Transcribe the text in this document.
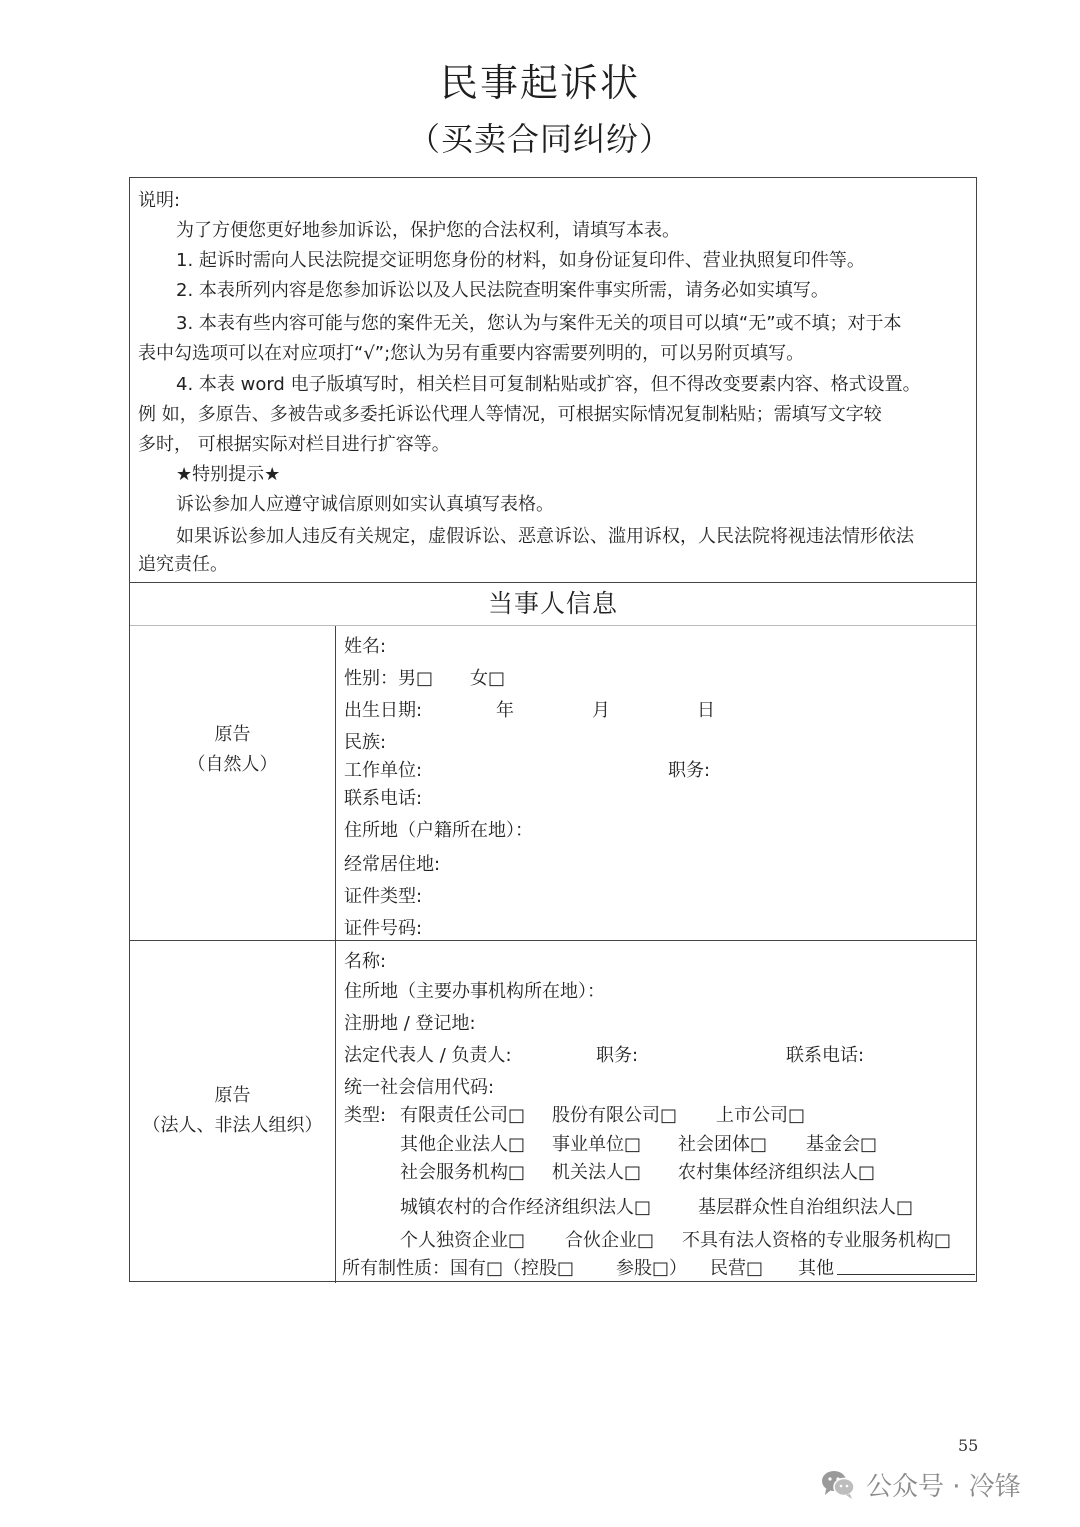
民事起诉状
（买卖合同纠纷）
说明:
为了方便您更好地参加诉讼，保护您的合法权利，请填写本表。
1. 起诉时需向人民法院提交证明您身份的材料，如身份证复印件、营业执照复印件等。
2. 本表所列内容是您参加诉讼以及人民法院查明案件事实所需，请务必如实填写。
3. 本表有些内容可能与您的案件无关，您认为与案件无关的项目可以填“无”或不填；对于本
表中勾选项可以在对应项打“√”;您认为另有重要内容需要列明的，可以另附页填写。
4. 本表 word 电子版填写时，相关栏目可复制粘贴或扩容，但不得改变要素内容、格式设置。
例 如，多原告、多被告或多委托诉讼代理人等情况，可根据实际情况复制粘贴；需填写文字较
多时， 可根据实际对栏目进行扩容等。
★特别提示★
诉讼参加人应遵守诚信原则如实认真填写表格。
如果诉讼参加人违反有关规定，虚假诉讼、恶意诉讼、滥用诉权，人民法院将视违法情形依法
追究责任。
当事人信息
原告
（自然人）
姓名:
性别：男□ 女□
出生日期:	年	月	日
民族:
工作单位:	职务:
联系电话:
住所地（户籍所在地）：
经常居住地:
证件类型:
证件号码:
原告
（法人、非法人组织）
名称:
住所地（主要办事机构所在地）：
注册地 / 登记地:
法定代表人 / 负责人:	职务:	联系电话:
统一社会信用代码:
类型: 有限责任公司□ 股份有限公司□ 上市公司□
其他企业法人□ 事业单位□ 社会团体□ 基金会□
社会服务机构□ 机关法人□ 农村集体经济组织法人□
城镇农村的合作经济组织法人□	基层群众性自治组织法人□
个人独资企业□ 合伙企业□ 不具有法人资格的专业服务机构□
所有制性质：国有□（控股□ 参股□） 民营□ 其他
55
公众号 · 冷锋
